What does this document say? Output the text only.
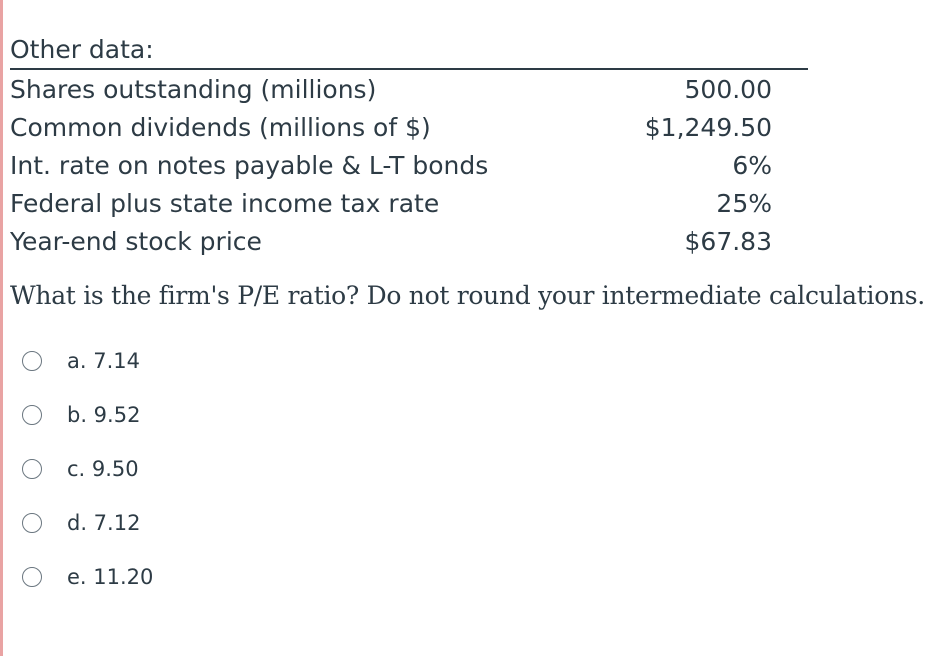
Other data:
Shares outstanding (millions)	500.00
Common dividends (millions of $)	$1,249.50
Int. rate on notes payable & L-T bonds	6%
Federal plus state income tax rate	25%
Year-end stock price	$67.83
What is the firm's P/E ratio? Do not round your intermediate calculations.
a. 7.14
b. 9.52
c. 9.50
d. 7.12
e. 11.20
